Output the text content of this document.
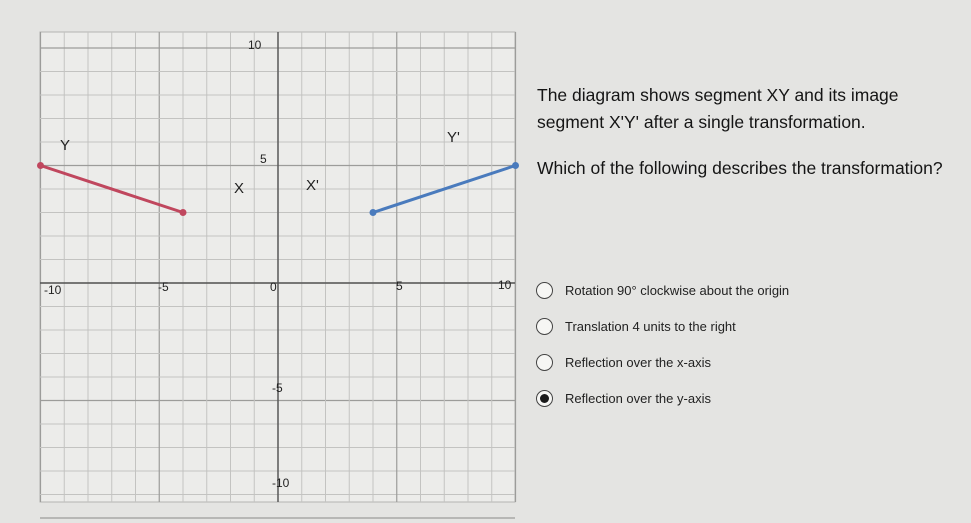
10
5
0
-5
-10
-10	-5	5	10
Y
X	X'
Y'

The diagram shows segment XY and its image segment X'Y' after a single transformation.

Which of the following describes the transformation?

Rotation 90° clockwise about the origin
Translation 4 units to the right
Reflection over the x-axis
Reflection over the y-axis
